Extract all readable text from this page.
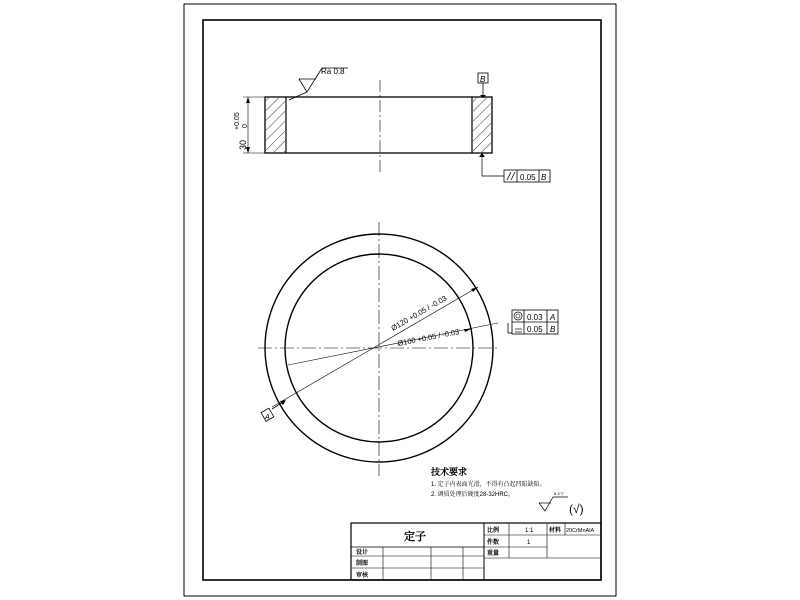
Ra 0.8
B
30
+0.05 0
0.05 B
Ø120 +0.05 / -0.03
Ø100 +0.05 / -0.03
A
0.03 A
0.05 B
技术要求
1. 定子内表面光滑，不得有凸起凹陷缺陷。
2. 调质处理后硬度28-32HRC。	6.3 ▽
(√)
定子	比例	1:1	材料 20CrMnAlA
件数	1
重量
设计
制图
审核
